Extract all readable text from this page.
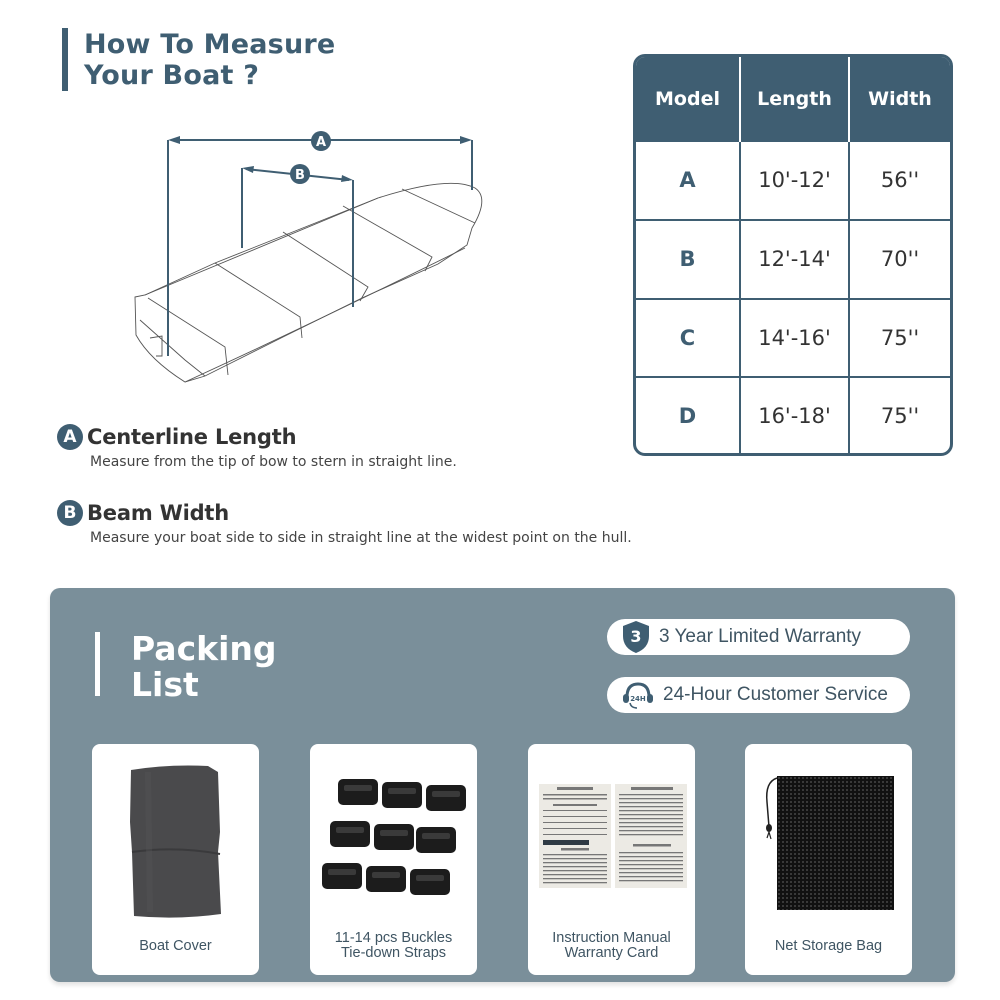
How To Measure
Your Boat ?
A
B
Model	Length	Width
A	10'-12'	56''
B	12'-14'	70''
C	14'-16'	75''
D	16'-18'	75''
A Centerline Length
Measure from the tip of bow to stern in straight line.
B Beam Width
Measure your boat side to side in straight line at the widest point on the hull.
Packing
List
3 3 Year Limited Warranty
24H 24-Hour Customer Service
Boat Cover	11-14 pcs Buckles
Tie-down Straps
Instruction Manual
Warranty Card	Net Storage Bag
